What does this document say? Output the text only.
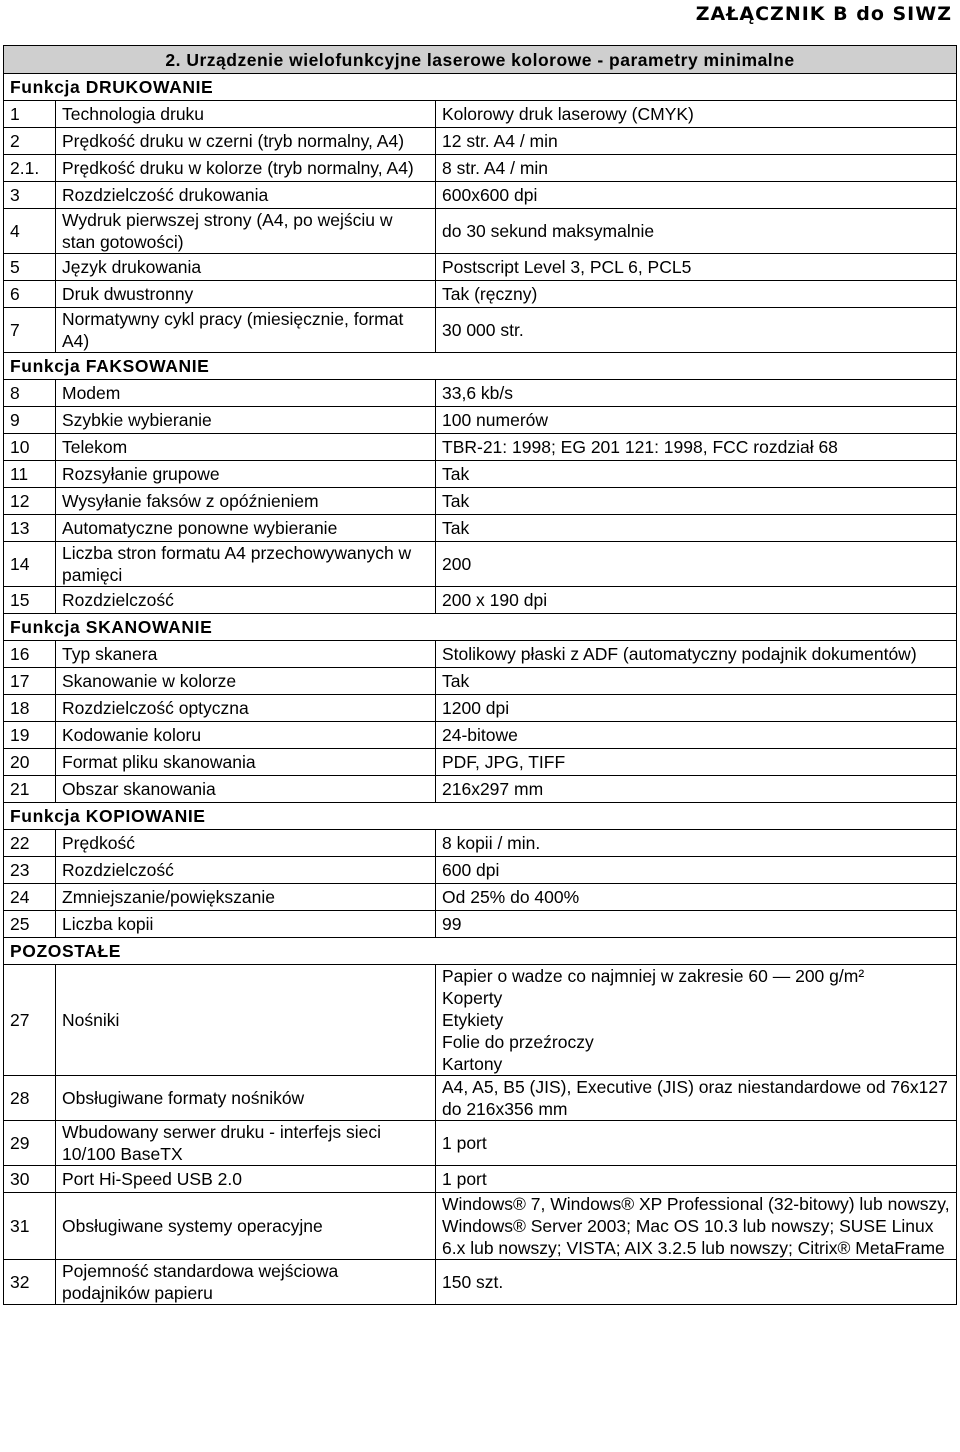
ZAŁĄCZNIK B do SIWZ
2. Urządzenie wielofunkcyjne laserowe kolorowe - parametry minimalne		
Funkcja DRUKOWANIE		
1	Technologia druku	Kolorowy druk laserowy (CMYK)

2	Prędkość druku w czerni (tryb normalny, A4)	12 str. A4 / min

2.1.	Prędkość druku w kolorze (tryb normalny, A4)	8 str. A4 / min

3	Rozdzielczość drukowania	600x600 dpi

4	Wydruk pierwszej strony (A4, po wejściu w stan gotowości)	do 30 sekund maksymalnie

5	Język drukowania	Postscript Level 3, PCL 6, PCL5

6	Druk dwustronny	Tak (ręczny)

7	Normatywny cykl pracy (miesięcznie, format A4)	30 000 str.

Funkcja FAKSOWANIE		
8	Modem	33,6 kb/s

9	Szybkie wybieranie	100 numerów

10	Telekom	TBR-21: 1998; EG 201 121: 1998, FCC rozdział 68

11	Rozsyłanie grupowe	Tak

12	Wysyłanie faksów z opóźnieniem	Tak

13	Automatyczne ponowne wybieranie	Tak

14	Liczba stron formatu A4 przechowywanych w pamięci	200

15	Rozdzielczość	200 x 190 dpi

Funkcja SKANOWANIE		
16	Typ skanera	Stolikowy płaski z ADF (automatyczny podajnik dokumentów)

17	Skanowanie w kolorze	Tak

18	Rozdzielczość optyczna	1200 dpi

19	Kodowanie koloru	24-bitowe

20	Format pliku skanowania	PDF, JPG, TIFF

21	Obszar skanowania	216x297 mm

Funkcja KOPIOWANIE		
22	Prędkość	8 kopii / min.

23	Rozdzielczość	600 dpi

24	Zmniejszanie/powiększanie	Od 25% do 400%

25	Liczba kopii	99

POZOSTAŁE		
27	Nośniki	Papier o wadze co najmniej w zakresie 60 — 200 g/m²
Koperty
Etykiety
Folie do przeźroczy
Kartony

28	Obsługiwane formaty nośników	A4, A5, B5 (JIS), Executive (JIS) oraz niestandardowe od 76x127 do 216x356 mm

29	Wbudowany serwer druku - interfejs sieci 10/100 BaseTX	1 port

30	Port Hi-Speed USB 2.0	1 port

31	Obsługiwane systemy operacyjne	Windows® 7, Windows® XP Professional (32-bitowy) lub nowszy, Windows® Server 2003; Mac OS 10.3 lub nowszy; SUSE Linux 6.x lub nowszy; VISTA; AIX 3.2.5 lub nowszy; Citrix® MetaFrame

32	Pojemność standardowa wejściowa podajników papieru	150 szt.
